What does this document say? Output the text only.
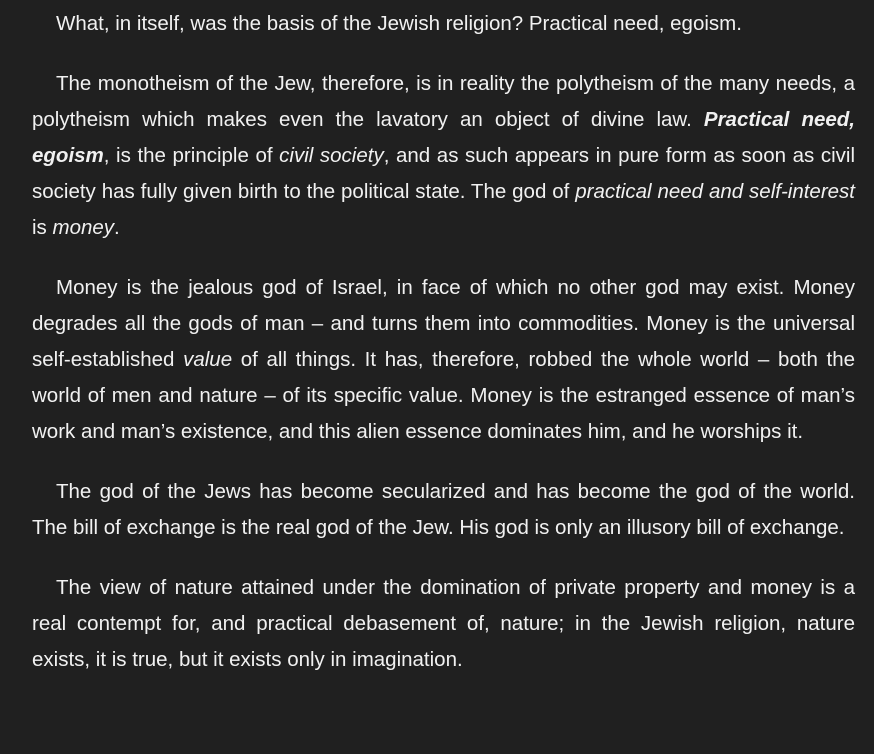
What, in itself, was the basis of the Jewish religion? Practical need, egoism.

The monotheism of the Jew, therefore, is in reality the polytheism of the many needs, a polytheism which makes even the lavatory an object of divine law. Practical need, egoism, is the principle of civil society, and as such appears in pure form as soon as civil society has fully given birth to the political state. The god of practical need and self-interest is money.

Money is the jealous god of Israel, in face of which no other god may exist. Money degrades all the gods of man – and turns them into commodities. Money is the universal self-established value of all things. It has, therefore, robbed the whole world – both the world of men and nature – of its specific value. Money is the estranged essence of man’s work and man’s existence, and this alien essence dominates him, and he worships it.

The god of the Jews has become secularized and has become the god of the world. The bill of exchange is the real god of the Jew. His god is only an illusory bill of exchange.

The view of nature attained under the domination of private property and money is a real contempt for, and practical debasement of, nature; in the Jewish religion, nature exists, it is true, but it exists only in imagination.
